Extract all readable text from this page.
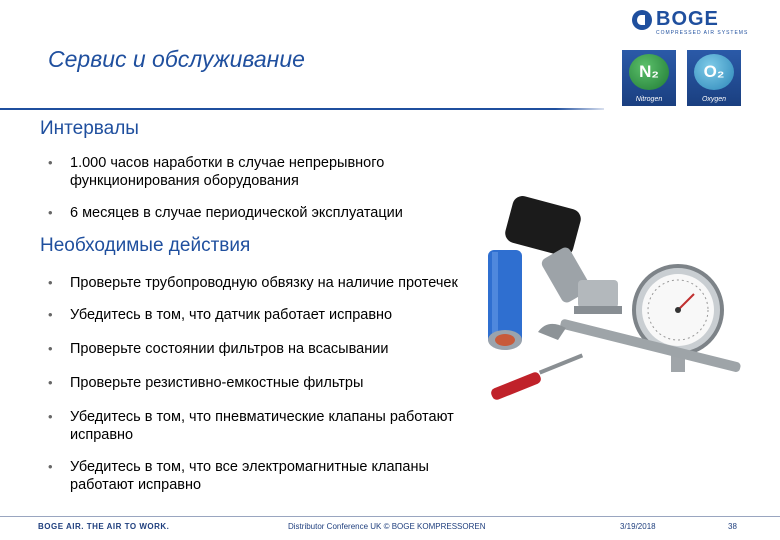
Сервис и обслуживание
BOGE
COMPRESSED AIR SYSTEMS
N₂
Nitrogen
O₂
Oxygen
Интервалы
• 1.000 часов наработки в случае непрерывного функционирования оборудования
• 6 месяцев в случае периодической эксплуатации
Необходимые действия
• Проверьте трубопроводную обвязку на наличие протечек
• Убедитесь в том, что датчик работает исправно
• Проверьте состоянии фильтров на всасывании
• Проверьте резистивно-емкостные фильтры
• Убедитесь в том, что пневматические клапаны работают исправно
• Убедитесь в том, что все электромагнитные клапаны работают исправно
BOGE AIR. THE AIR TO WORK.	Distributor Conference UK © BOGE KOMPRESSOREN	3/19/2018	38
